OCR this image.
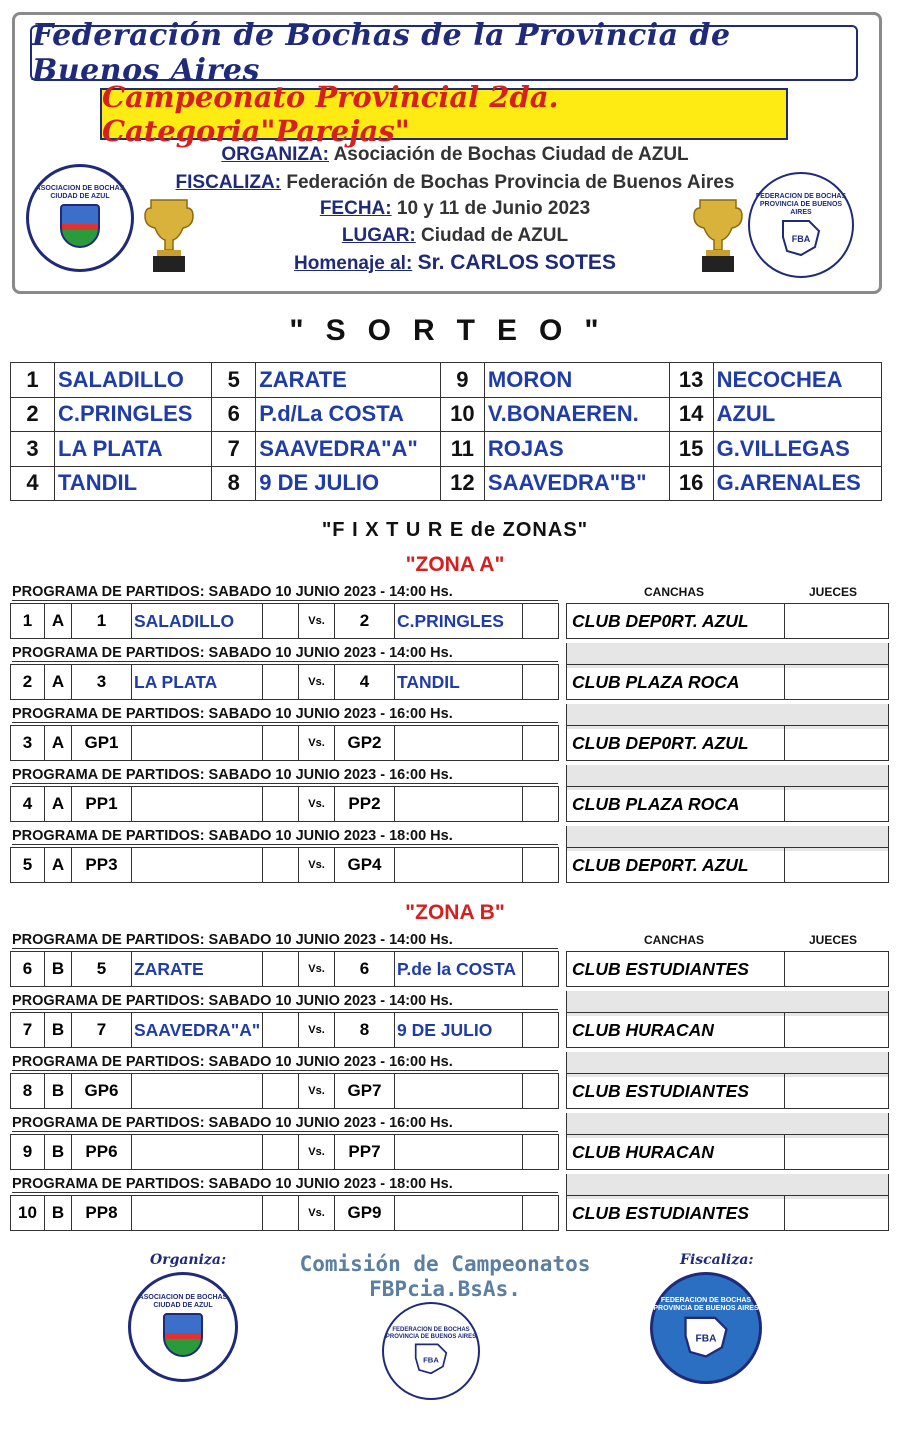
Federación de Bochas de la Provincia de Buenos Aires
Campeonato Provincial 2da. Categoria"Parejas"
ORGANIZA: Asociación de Bochas Ciudad de AZUL
FISCALIZA: Federación de Bochas Provincia de Buenos Aires
FECHA: 10 y 11 de Junio 2023
LUGAR: Ciudad de AZUL
Homenaje al: Sr. CARLOS SOTES
ASOCIACION DE BOCHAS CIUDAD DE AZUL	FEDERACION DE BOCHAS PROVINCIA DE BUENOS AIRES
FBA
"SORTEO"
1	SALADILLO	5	ZARATE	9	MORON	13	NECOCHEA
2	C.PRINGLES	6	P.d/La COSTA	10	V.BONAEREN.	14	AZUL
3	LA PLATA	7	SAAVEDRA"A"	11	ROJAS	15	G.VILLEGAS
4	TANDIL	8	9 DE JULIO	12	SAAVEDRA"B"	16	G.ARENALES
"F I X T U R E de ZONAS"
"ZONA A"
CANCHAS	JUECES
PROGRAMA DE PARTIDOS: SABADO 10 JUNIO 2023 - 14:00 Hs.
1	A	1	SALADILLO	Vs.	2	C.PRINGLES	CLUB DEP0RT. AZUL
PROGRAMA DE PARTIDOS: SABADO 10 JUNIO 2023 - 14:00 Hs.
2	A	3	LA PLATA	Vs.	4	TANDIL	CLUB PLAZA ROCA
PROGRAMA DE PARTIDOS: SABADO 10 JUNIO 2023 - 16:00 Hs.
3	A	GP1	Vs.	GP2	CLUB DEP0RT. AZUL
PROGRAMA DE PARTIDOS: SABADO 10 JUNIO 2023 - 16:00 Hs.
4	A	PP1	Vs.	PP2	CLUB PLAZA ROCA
PROGRAMA DE PARTIDOS: SABADO 10 JUNIO 2023 - 18:00 Hs.
5	A	PP3	Vs.	GP4	CLUB DEP0RT. AZUL
"ZONA B"
CANCHAS	JUECES
PROGRAMA DE PARTIDOS: SABADO 10 JUNIO 2023 - 14:00 Hs.
6	B	5	ZARATE	Vs.	6	P.de la COSTA	CLUB ESTUDIANTES
PROGRAMA DE PARTIDOS: SABADO 10 JUNIO 2023 - 14:00 Hs.
7	B	7	SAAVEDRA"A"	Vs.	8	9 DE JULIO	CLUB HURACAN
PROGRAMA DE PARTIDOS: SABADO 10 JUNIO 2023 - 16:00 Hs.
8	B	GP6	Vs.	GP7	CLUB ESTUDIANTES
PROGRAMA DE PARTIDOS: SABADO 10 JUNIO 2023 - 16:00 Hs.
9	B	PP6	Vs.	PP7	CLUB HURACAN
PROGRAMA DE PARTIDOS: SABADO 10 JUNIO 2023 - 18:00 Hs.
10 B	PP8	Vs.	GP9	CLUB ESTUDIANTES
Organiza:
ASOCIACION DE BOCHAS CIUDAD DE AZUL
Comisión de Campeonatos
FBPcia.BsAs.
FEDERACION DE BOCHAS PROVINCIA DE BUENOS AIRES
FBA
Fiscaliza:
FEDERACION DE BOCHAS PROVINCIA DE BUENOS AIRES
FBA
